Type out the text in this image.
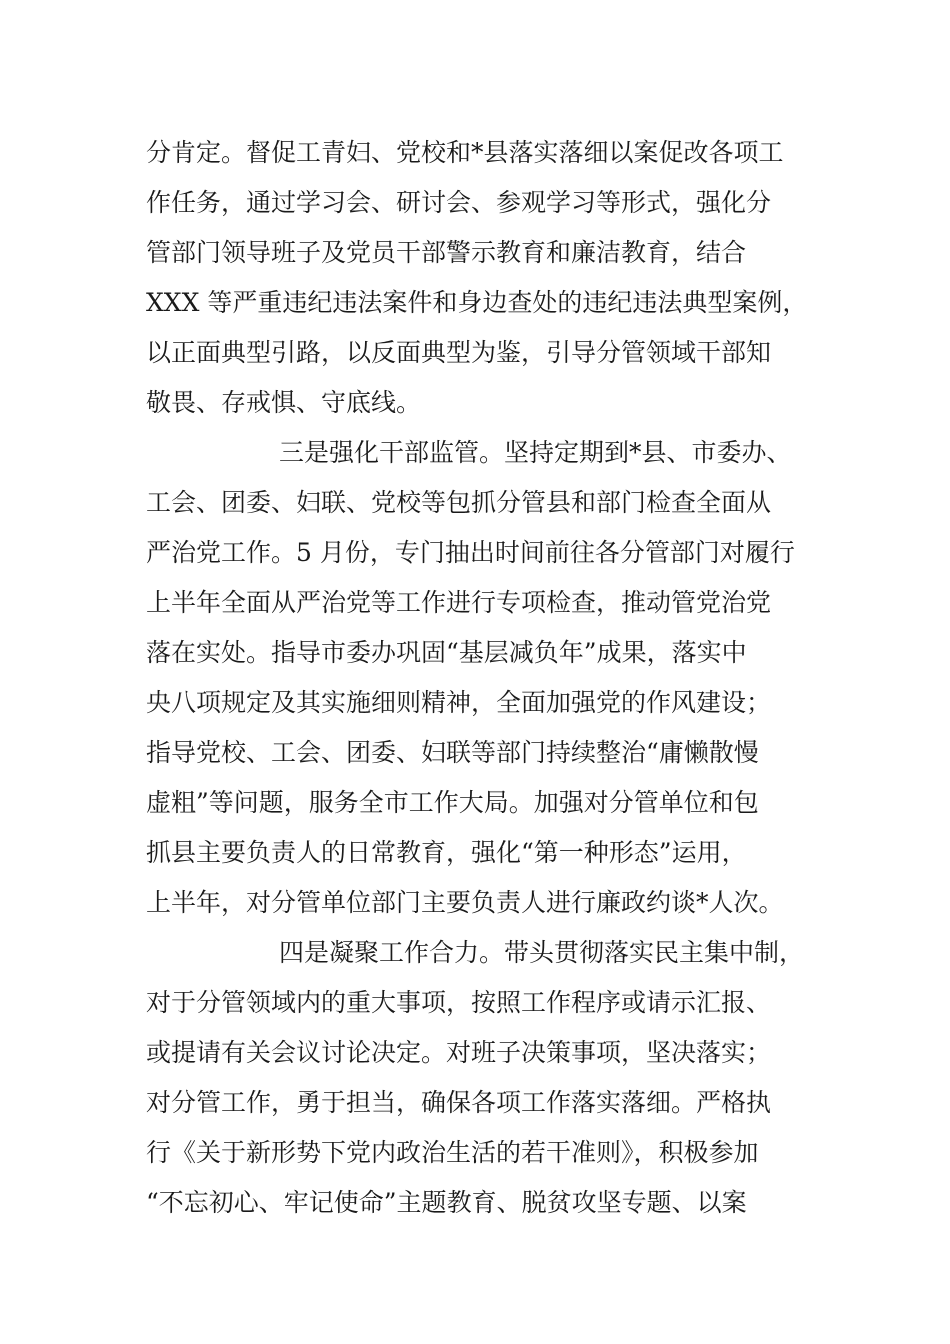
分肯定。督促工青妇、党校和*县落实落细以案促改各项工
作任务，通过学习会、研讨会、参观学习等形式，强化分
管部门领导班子及党员干部警示教育和廉洁教育，结合
XXX 等严重违纪违法案件和身边查处的违纪违法典型案例，
以正面典型引路，以反面典型为鉴，引导分管领域干部知
敬畏、存戒惧、守底线。
三是强化干部监管。坚持定期到*县、市委办、
工会、团委、妇联、党校等包抓分管县和部门检查全面从
严治党工作。5 月份，专门抽出时间前往各分管部门对履行
上半年全面从严治党等工作进行专项检查，推动管党治党
落在实处。指导市委办巩固“基层减负年”成果，落实中
央八项规定及其实施细则精神，全面加强党的作风建设；
指导党校、工会、团委、妇联等部门持续整治“庸懒散慢
虚粗”等问题，服务全市工作大局。加强对分管单位和包
抓县主要负责人的日常教育，强化“第一种形态”运用，
上半年，对分管单位部门主要负责人进行廉政约谈*人次。
四是凝聚工作合力。带头贯彻落实民主集中制，
对于分管领域内的重大事项，按照工作程序或请示汇报、
或提请有关会议讨论决定。对班子决策事项，坚决落实；
对分管工作，勇于担当，确保各项工作落实落细。严格执
行《关于新形势下党内政治生活的若干准则》，积极参加
“不忘初心、牢记使命”主题教育、脱贫攻坚专题、以案
